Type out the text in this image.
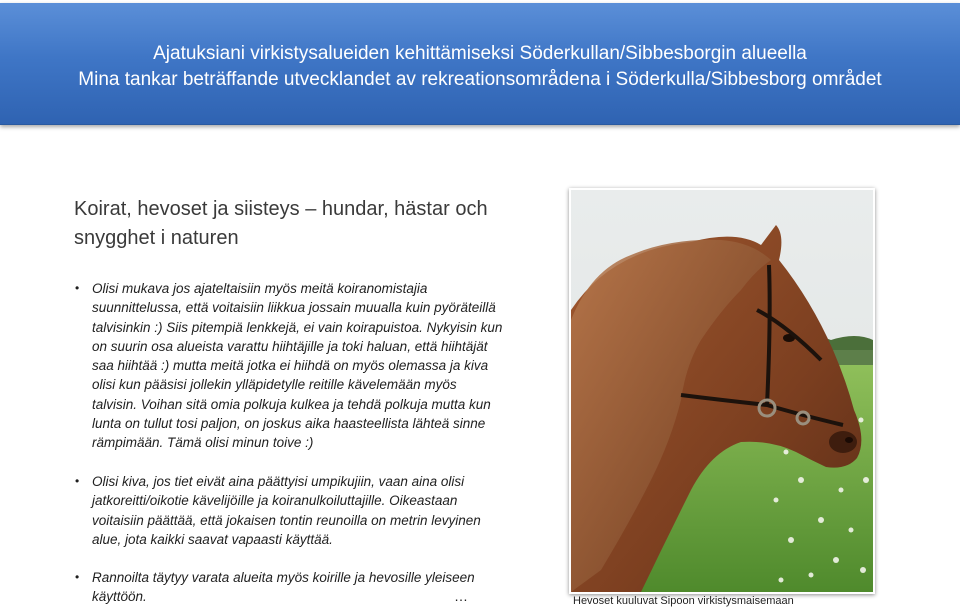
Ajatuksiani virkistysalueiden kehittämiseksi Söderkullan/Sibbesborgin alueella
Mina tankar beträffande utvecklandet av rekreationsområdena i Söderkulla/Sibbesborg området
Koirat, hevoset ja siisteys – hundar, hästar och
snygghet i naturen
• Olisi mukava jos ajateltaisiin myös meitä koiranomistajia
suunnittelussa, että voitaisiin liikkua jossain muualla kuin pyöräteillä
talvisinkin :) Siis pitempiä lenkkejä, ei vain koirapuistoa. Nykyisin kun
on suurin osa alueista varattu hiihtäjille ja toki haluan, että hiihtäjät
saa hiihtää :) mutta meitä jotka ei hiihdä on myös olemassa ja kiva
olisi kun pääsisi jollekin ylläpidetylle reitille kävelemään myös
talvisin. Voihan sitä omia polkuja kulkea ja tehdä polkuja mutta kun
lunta on tullut tosi paljon, on joskus aika haasteellista lähteä sinne
rämpimään. Tämä olisi minun toive :)
• Olisi kiva, jos tiet eivät aina päättyisi umpikujiin, vaan aina olisi
jatkoreitti/oikotie kävelijöille ja koiranulkoiluttajille. Oikeastaan
voitaisiin päättää, että jokaisen tontin reunoilla on metrin levyinen
alue, jota kaikki saavat vapaasti käyttää.
• Rannoilta täytyy varata alueita myös koirille ja hevosille yleiseen
käyttöön.	…	Hevoset kuuluvat Sipoon virkistysmaisemaan
